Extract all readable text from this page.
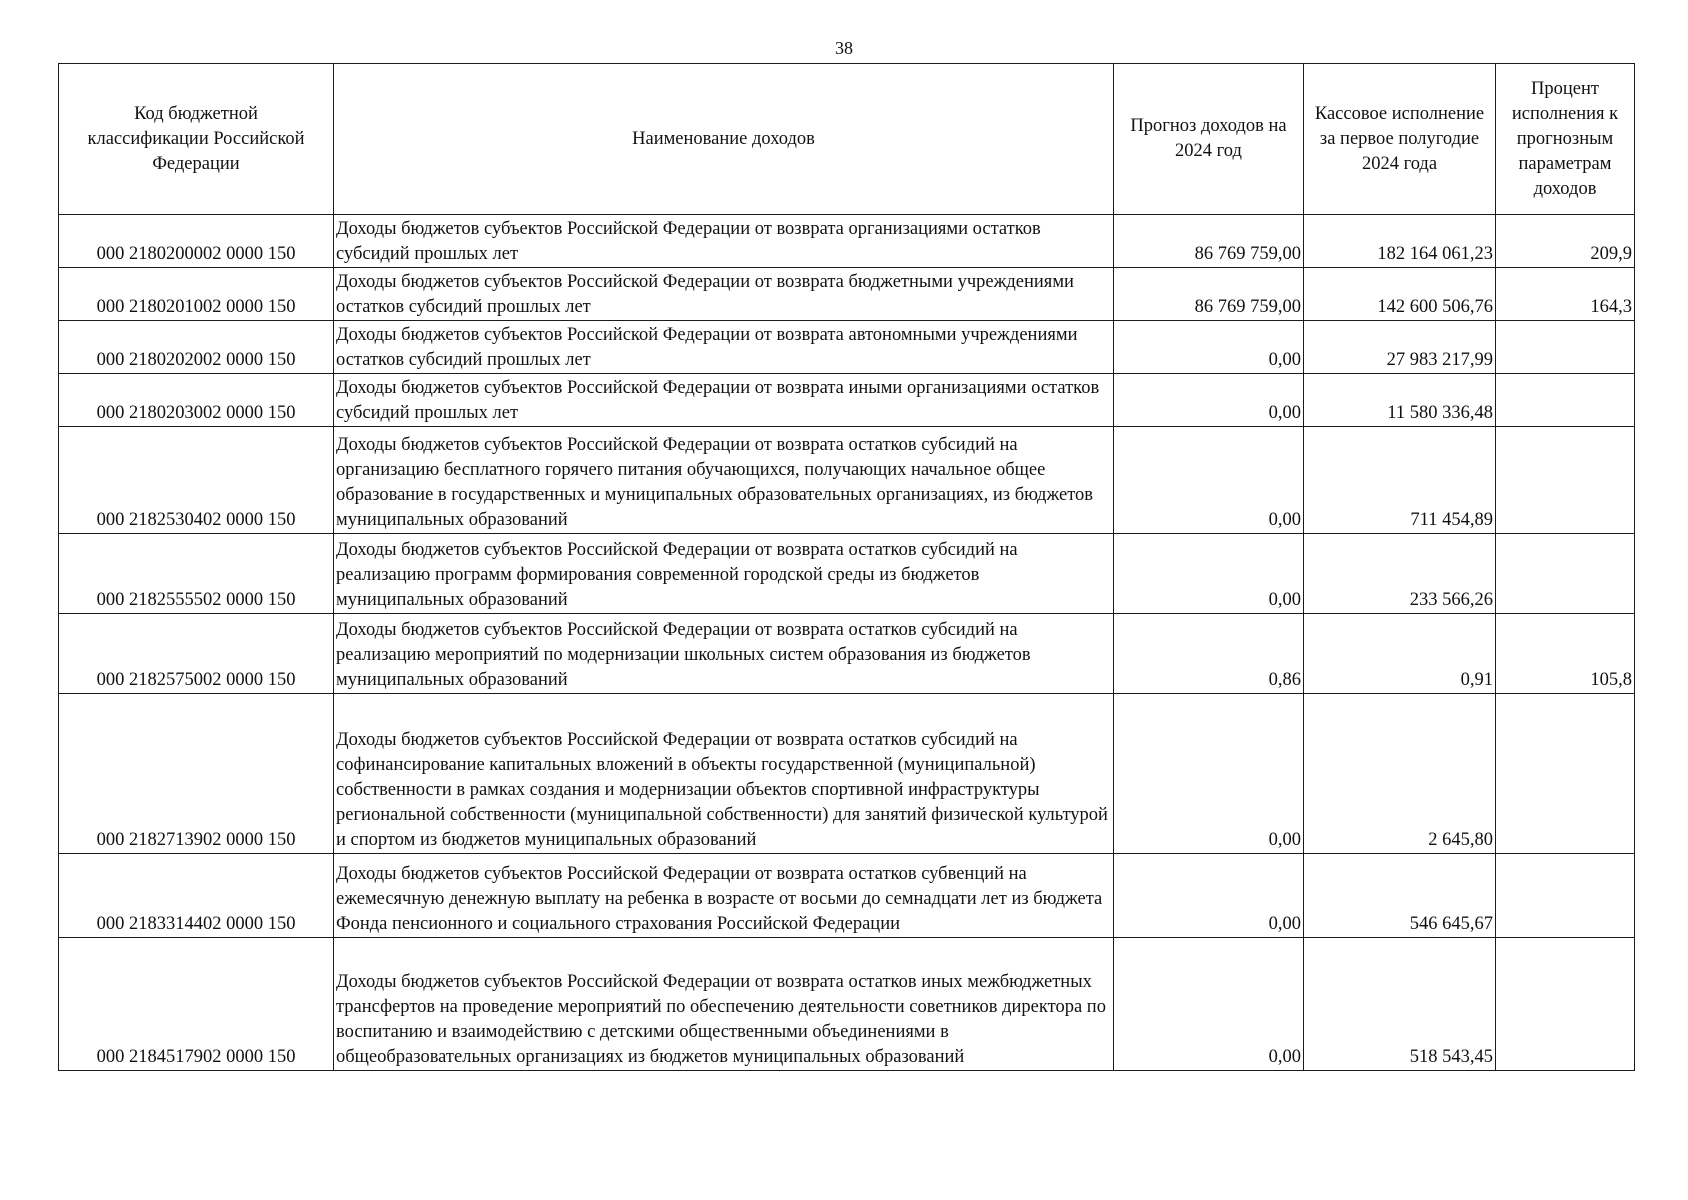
38
Код бюджетной классификации Российской Федерации	Наименование доходов	Прогноз доходов на 2024 год	Кассовое исполнение за первое полугодие 2024 года	Процент исполнения к прогнозным параметрам доходов
000 2180200002 0000 150	Доходы бюджетов субъектов Российской Федерации от возврата организациями остатков субсидий прошлых лет	86 769 759,00	182 164 061,23	209,9
000 2180201002 0000 150	Доходы бюджетов субъектов Российской Федерации от возврата бюджетными учреждениями остатков субсидий прошлых лет	86 769 759,00	142 600 506,76	164,3
000 2180202002 0000 150	Доходы бюджетов субъектов Российской Федерации от возврата автономными учреждениями остатков субсидий прошлых лет	0,00	27 983 217,99	
000 2180203002 0000 150	Доходы бюджетов субъектов Российской Федерации от возврата иными организациями остатков субсидий прошлых лет	0,00	11 580 336,48	
000 2182530402 0000 150	Доходы бюджетов субъектов Российской Федерации от возврата остатков субсидий на организацию бесплатного горячего питания обучающихся, получающих начальное общее образование в государственных и муниципальных образовательных организациях, из бюджетов муниципальных образований	0,00	711 454,89	
000 2182555502 0000 150	Доходы бюджетов субъектов Российской Федерации от возврата остатков субсидий на реализацию программ формирования современной городской среды из бюджетов муниципальных образований	0,00	233 566,26	
000 2182575002 0000 150	Доходы бюджетов субъектов Российской Федерации от возврата остатков субсидий на реализацию мероприятий по модернизации школьных систем образования из бюджетов муниципальных образований	0,86	0,91	105,8
000 2182713902 0000 150	Доходы бюджетов субъектов Российской Федерации от возврата остатков субсидий на софинансирование капитальных вложений в объекты государственной (муниципальной) собственности в рамках создания и модернизации объектов спортивной инфраструктуры региональной собственности (муниципальной собственности) для занятий физической культурой и спортом из бюджетов муниципальных образований	0,00	2 645,80	
000 2183314402 0000 150	Доходы бюджетов субъектов Российской Федерации от возврата остатков субвенций на ежемесячную денежную выплату на ребенка в возрасте от восьми до семнадцати лет из бюджета Фонда пенсионного и социального страхования Российской Федерации	0,00	546 645,67	
000 2184517902 0000 150	Доходы бюджетов субъектов Российской Федерации от возврата остатков иных межбюджетных трансфертов на проведение мероприятий по обеспечению деятельности советников директора по воспитанию и взаимодействию с детскими общественными объединениями в общеобразовательных организациях из бюджетов муниципальных образований	0,00	518 543,45	
